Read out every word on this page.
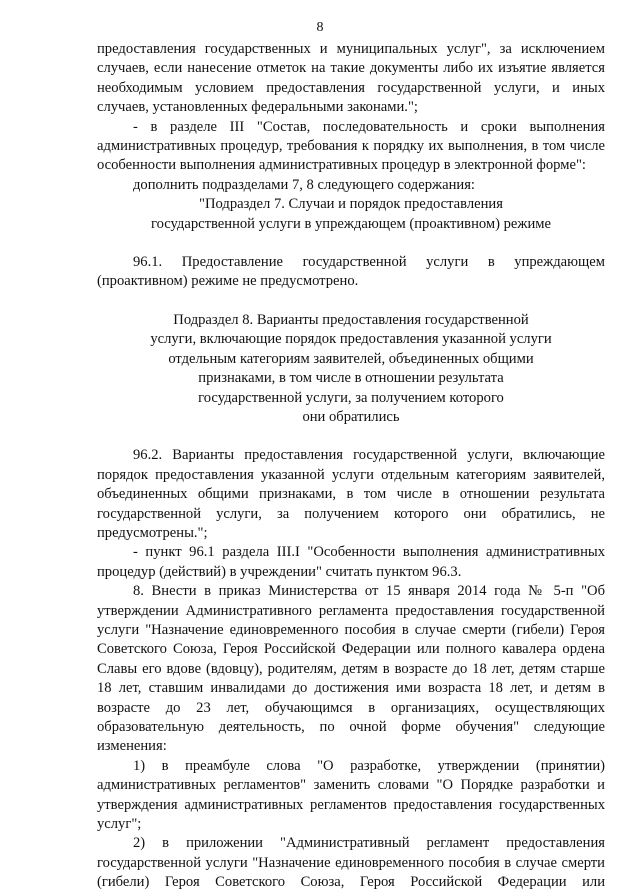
8

предоставления государственных и муниципальных услуг", за исключением случаев, если нанесение отметок на такие документы либо их изъятие является необходимым условием предоставления государственной услуги, и иных случаев, установленных федеральными законами.";

- в разделе III "Состав, последовательность и сроки выполнения административных процедур, требования к порядку их выполнения, в том числе особенности выполнения административных процедур в электронной форме":

дополнить подразделами 7, 8 следующего содержания:

"Подраздел 7. Случаи и порядок предоставления
государственной услуги в упреждающем (проактивном) режиме

96.1. Предоставление государственной услуги в упреждающем (проактивном) режиме не предусмотрено.

Подраздел 8. Варианты предоставления государственной
услуги, включающие порядок предоставления указанной услуги
отдельным категориям заявителей, объединенных общими
признаками, в том числе в отношении результата
государственной услуги, за получением которого
они обратились

96.2. Варианты предоставления государственной услуги, включающие порядок предоставления указанной услуги отдельным категориям заявителей, объединенных общими признаками, в том числе в отношении результата государственной услуги, за получением которого они обратились, не предусмотрены.";

- пункт 96.1 раздела III.I "Особенности выполнения административных процедур (действий) в учреждении" считать пунктом 96.3.

8. Внести в приказ Министерства от 15 января 2014 года № 5-п "Об утверждении Административного регламента предоставления государственной услуги "Назначение единовременного пособия в случае смерти (гибели) Героя Советского Союза, Героя Российской Федерации или полного кавалера ордена Славы его вдове (вдовцу), родителям, детям в возрасте до 18 лет, детям старше 18 лет, ставшим инвалидами до достижения ими возраста 18 лет, и детям в возрасте до 23 лет, обучающимся в организациях, осуществляющих образовательную деятельность, по очной форме обучения" следующие изменения:

1) в преамбуле слова "О разработке, утверждении (принятии) административных регламентов" заменить словами "О Порядке разработки и утверждения административных регламентов предоставления государственных услуг";

2) в приложении "Административный регламент предоставления государственной услуги "Назначение единовременного пособия в случае смерти (гибели) Героя Советского Союза, Героя Российской Федерации или
